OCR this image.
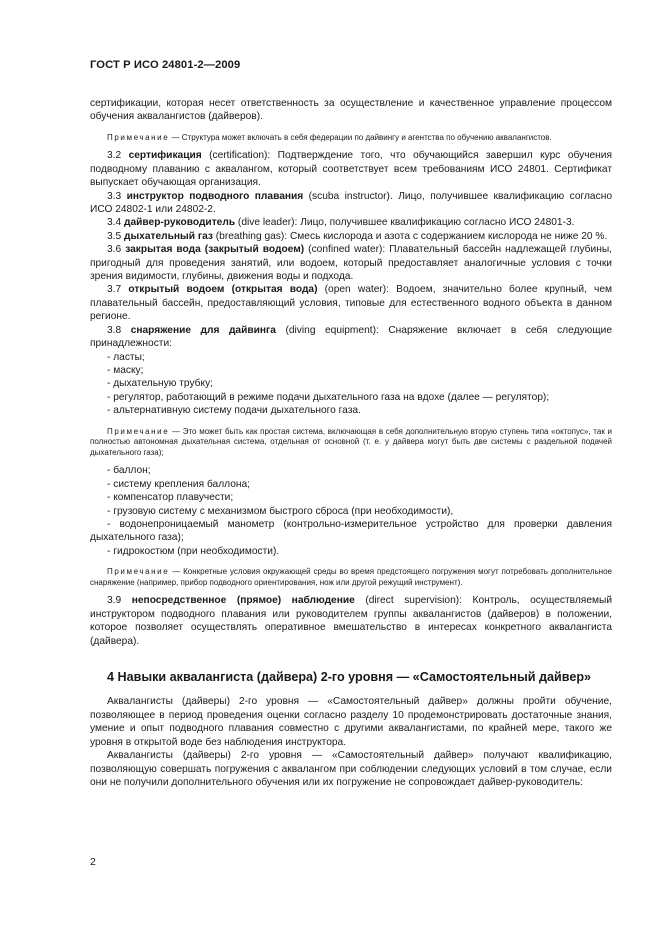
ГОСТ Р ИСО 24801-2—2009

сертификации, которая несет ответственность за осуществление и качественное управление процессом обучения аквалангистов (дайверов).

Примечание — Структура может включать в себя федерации по дайвингу и агентства по обучению аквалангистов.

3.2 сертификация (certification): Подтверждение того, что обучающийся завершил курс обучения подводному плаванию с аквалангом, который соответствует всем требованиям ИСО 24801. Сертификат выпускает обучающая организация.

3.3 инструктор подводного плавания (scuba instructor). Лицо, получившее квалификацию согласно ИСО 24802-1 или 24802-2.

3.4 дайвер-руководитель (dive leader): Лицо, получившее квалификацию согласно ИСО 24801-3.

3.5 дыхательный газ (breathing gas): Смесь кислорода и азота с содержанием кислорода не ниже 20 %.

3.6 закрытая вода (закрытый водоем) (confined water): Плавательный бассейн надлежащей глубины, пригодный для проведения занятий, или водоем, который предоставляет аналогичные условия с точки зрения видимости, глубины, движения воды и подхода.

3.7 открытый водоем (открытая вода) (open water): Водоем, значительно более крупный, чем плавательный бассейн, предоставляющий условия, типовые для естественного водного объекта в данном регионе.

3.8 снаряжение для дайвинга (diving equipment): Снаряжение включает в себя следующие принадлежности:

- ласты;

- маску;

- дыхательную трубку;

- регулятор, работающий в режиме подачи дыхательного газа на вдохе (далее — регулятор);

- альтернативную систему подачи дыхательного газа.

Примечание — Это может быть как простая система, включающая в себя дополнительную вторую ступень типа «октопус», так и полностью автономная дыхательная система, отдельная от основной (т. е. у дайвера могут быть две системы с раздельной подачей дыхательного газа);

- баллон;

- систему крепления баллона;

- компенсатор плавучести;

- грузовую систему с механизмом быстрого сброса (при необходимости),

- водонепроницаемый манометр (контрольно-измерительное устройство для проверки давления дыхательного газа);

- гидрокостюм (при необходимости).

Примечание — Конкретные условия окружающей среды во время предстоящего погружения могут потребовать дополнительное снаряжение (например, прибор подводного ориентирования, нож или другой режущий инструмент).

3.9 непосредственное (прямое) наблюдение (direct supervision): Контроль, осуществляемый инструктором подводного плавания или руководителем группы аквалангистов (дайверов) в положении, которое позволяет осуществлять оперативное вмешательство в интересах конкретного аквалангиста (дайвера).

4 Навыки аквалангиста (дайвера) 2-го уровня — «Самостоятельный дайвер»

Аквалангисты (дайверы) 2-го уровня — «Самостоятельный дайвер» должны пройти обучение, позволяющее в период проведения оценки согласно разделу 10 продемонстрировать достаточные знания, умение и опыт подводного плавания совместно с другими аквалангистами, по крайней мере, такого же уровня в открытой воде без наблюдения инструктора.

Аквалангисты (дайверы) 2-го уровня — «Самостоятельный дайвер» получают квалификацию, позволяющую совершать погружения с аквалангом при соблюдении следующих условий в том случае, если они не получили дополнительного обучения или их погружение не сопровождает дайвер-руководитель:

2
